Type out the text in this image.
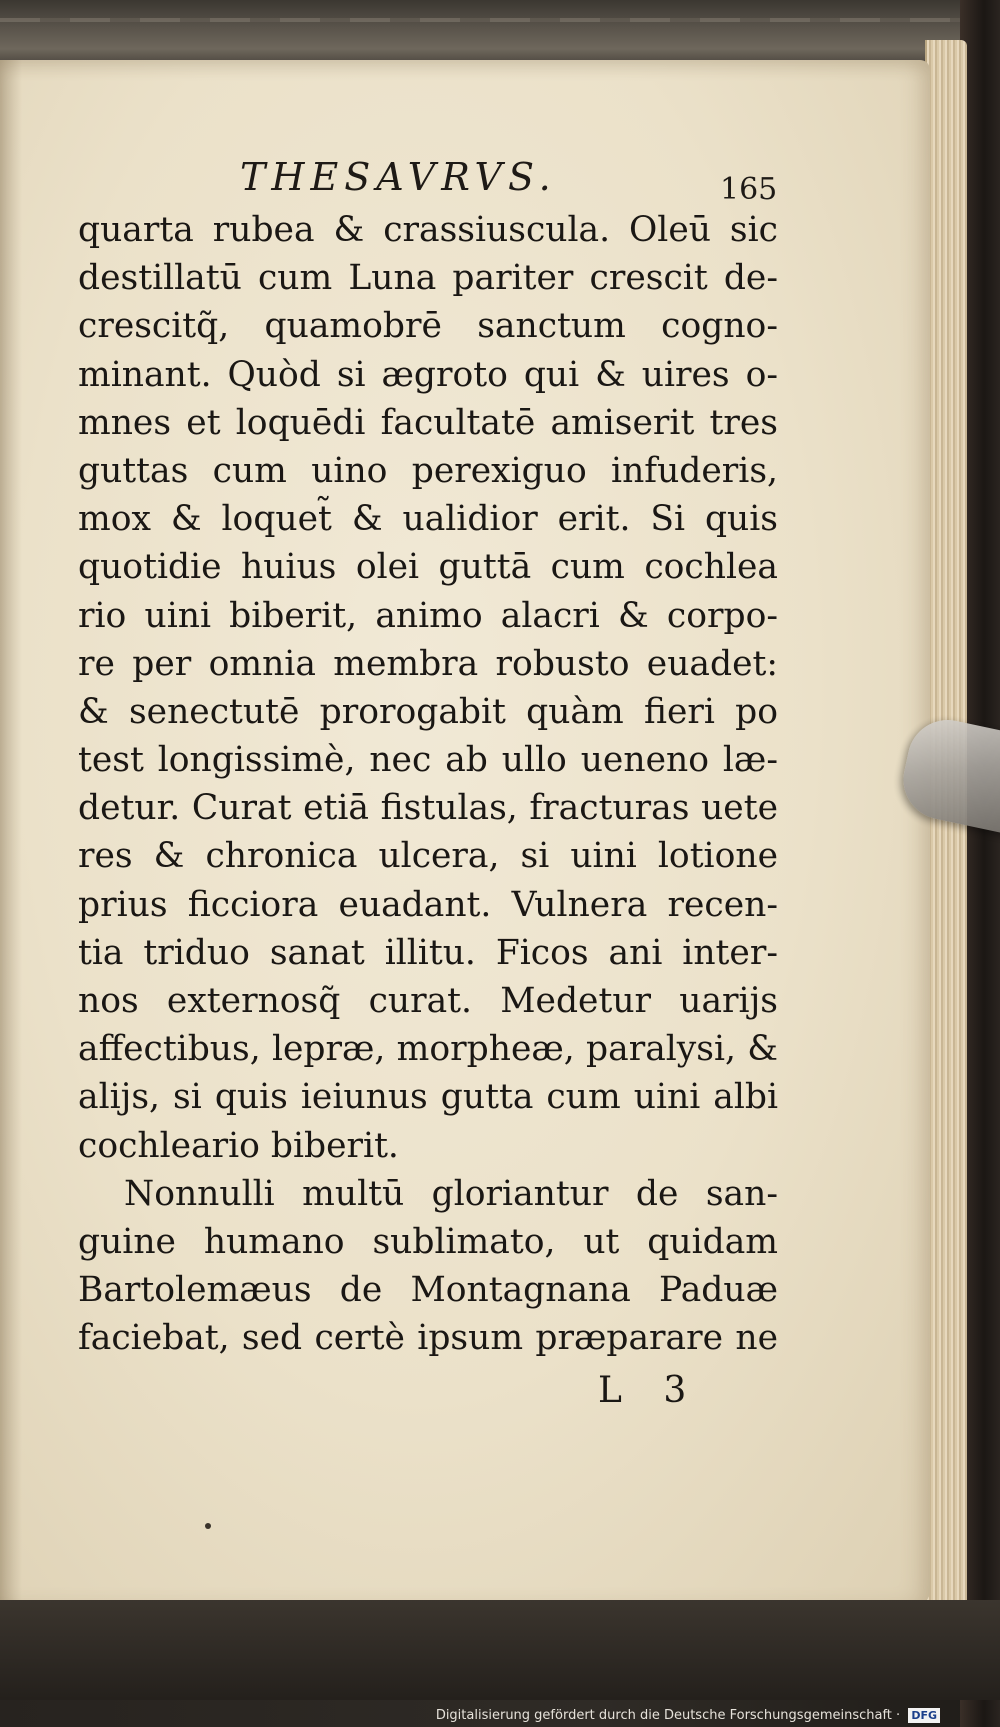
THESAVRVS.	165
quarta rubea & crassiuscula. Oleū sic
destillatū cum Luna pariter crescit de-
crescitq̃, quamobrē sanctum cogno-
minant. Quòd si ægroto qui & uires o-
mnes et loquēdi facultatē amiserit tres
guttas cum uino perexiguo infuderis,
mox & loquet̃ & ualidior erit. Si quis
quotidie huius olei guttā cum cochlea
rio uini biberit, animo alacri & corpo-
re per omnia membra robusto euadet:
& senectutē prorogabit quàm fieri po
test longissimè, nec ab ullo ueneno læ-
detur. Curat etiā fistulas, fracturas uete
res & chronica ulcera, si uini lotione
prius ficciora euadant. Vulnera recen-
tia triduo sanat illitu. Ficos ani inter-
nos externosq̃ curat. Medetur uarijs
affectibus, lepræ, morpheæ, paralysi, &
alijs, si quis ieiunus gutta cum uini albi
cochleario biberit.
Nonnulli multū gloriantur de san-
guine humano sublimato, ut quidam
Bartolemæus de Montagnana Paduæ
faciebat, sed certè ipsum præparare ne
L 3
Digitalisierung gefördert durch die Deutsche Forschungsgemeinschaft · DFG
